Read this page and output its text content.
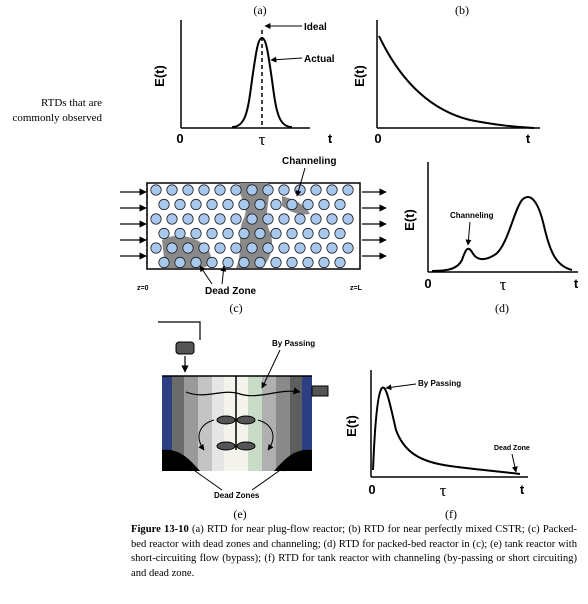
RTDs that are commonly observed
(a)
E(t)
Ideal
Actual
0	τ	t
(b)
E(t)
0	t
Channeling
Dead Zone
z=0	z=L
(c)
E(t)	Channeling
0	τ	t
(d)
By Passing
Dead Zones
(e)
E(t)
By Passing
Dead Zone
0	τ	t
(f)
Figure 13-10 (a) RTD for near plug-flow reactor; (b) RTD for near perfectly mixed CSTR; (c) Packed-bed reactor with dead zones and channeling; (d) RTD for packed-bed reactor in (c); (e) tank reactor with short-circuiting flow (bypass); (f) RTD for tank reactor with channeling (by-passing or short circuiting) and dead zone.
